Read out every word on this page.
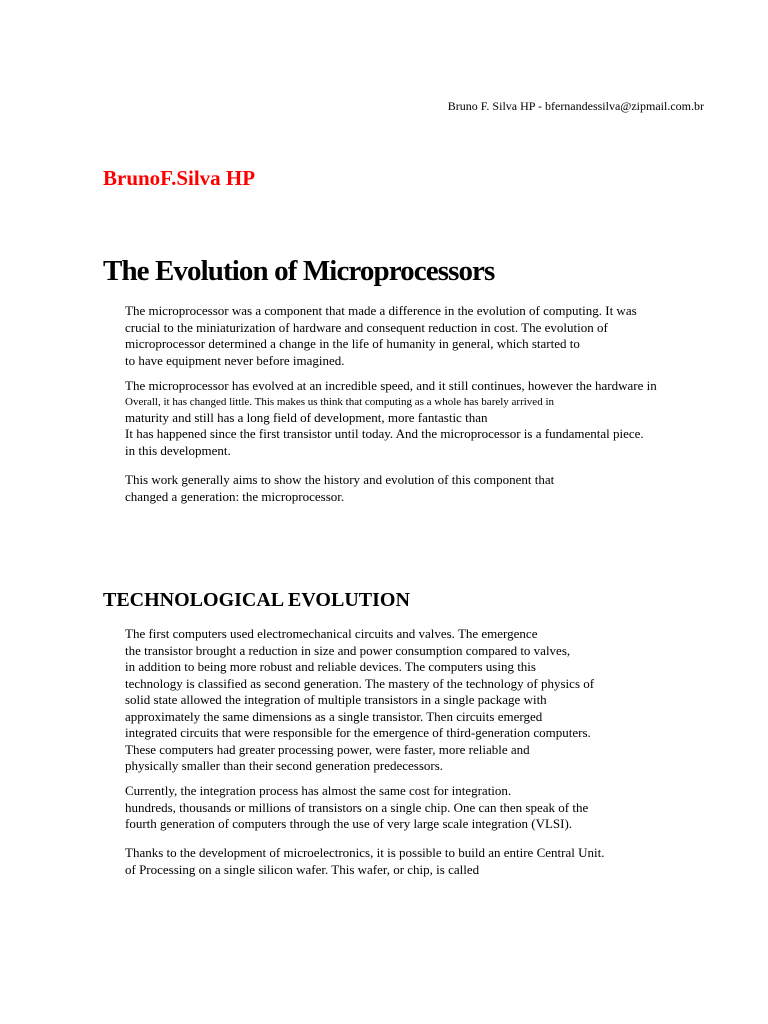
Bruno F. Silva HP - bfernandessilva@zipmail.com.br
BrunoF.Silva HP
The Evolution of Microprocessors
The microprocessor was a component that made a difference in the evolution of computing. It was
crucial to the miniaturization of hardware and consequent reduction in cost. The evolution of
microprocessor determined a change in the life of humanity in general, which started to
to have equipment never before imagined.
The microprocessor has evolved at an incredible speed, and it still continues, however the hardware in
Overall, it has changed little. This makes us think that computing as a whole has barely arrived in
maturity and still has a long field of development, more fantastic than
It has happened since the first transistor until today. And the microprocessor is a fundamental piece.
in this development.
This work generally aims to show the history and evolution of this component that
changed a generation: the microprocessor.
TECHNOLOGICAL EVOLUTION
The first computers used electromechanical circuits and valves. The emergence
the transistor brought a reduction in size and power consumption compared to valves,
in addition to being more robust and reliable devices. The computers using this
technology is classified as second generation. The mastery of the technology of physics of
solid state allowed the integration of multiple transistors in a single package with
approximately the same dimensions as a single transistor. Then circuits emerged
integrated circuits that were responsible for the emergence of third-generation computers.
These computers had greater processing power, were faster, more reliable and
physically smaller than their second generation predecessors.
Currently, the integration process has almost the same cost for integration.
hundreds, thousands or millions of transistors on a single chip. One can then speak of the
fourth generation of computers through the use of very large scale integration (VLSI).
Thanks to the development of microelectronics, it is possible to build an entire Central Unit.
of Processing on a single silicon wafer. This wafer, or chip, is called
